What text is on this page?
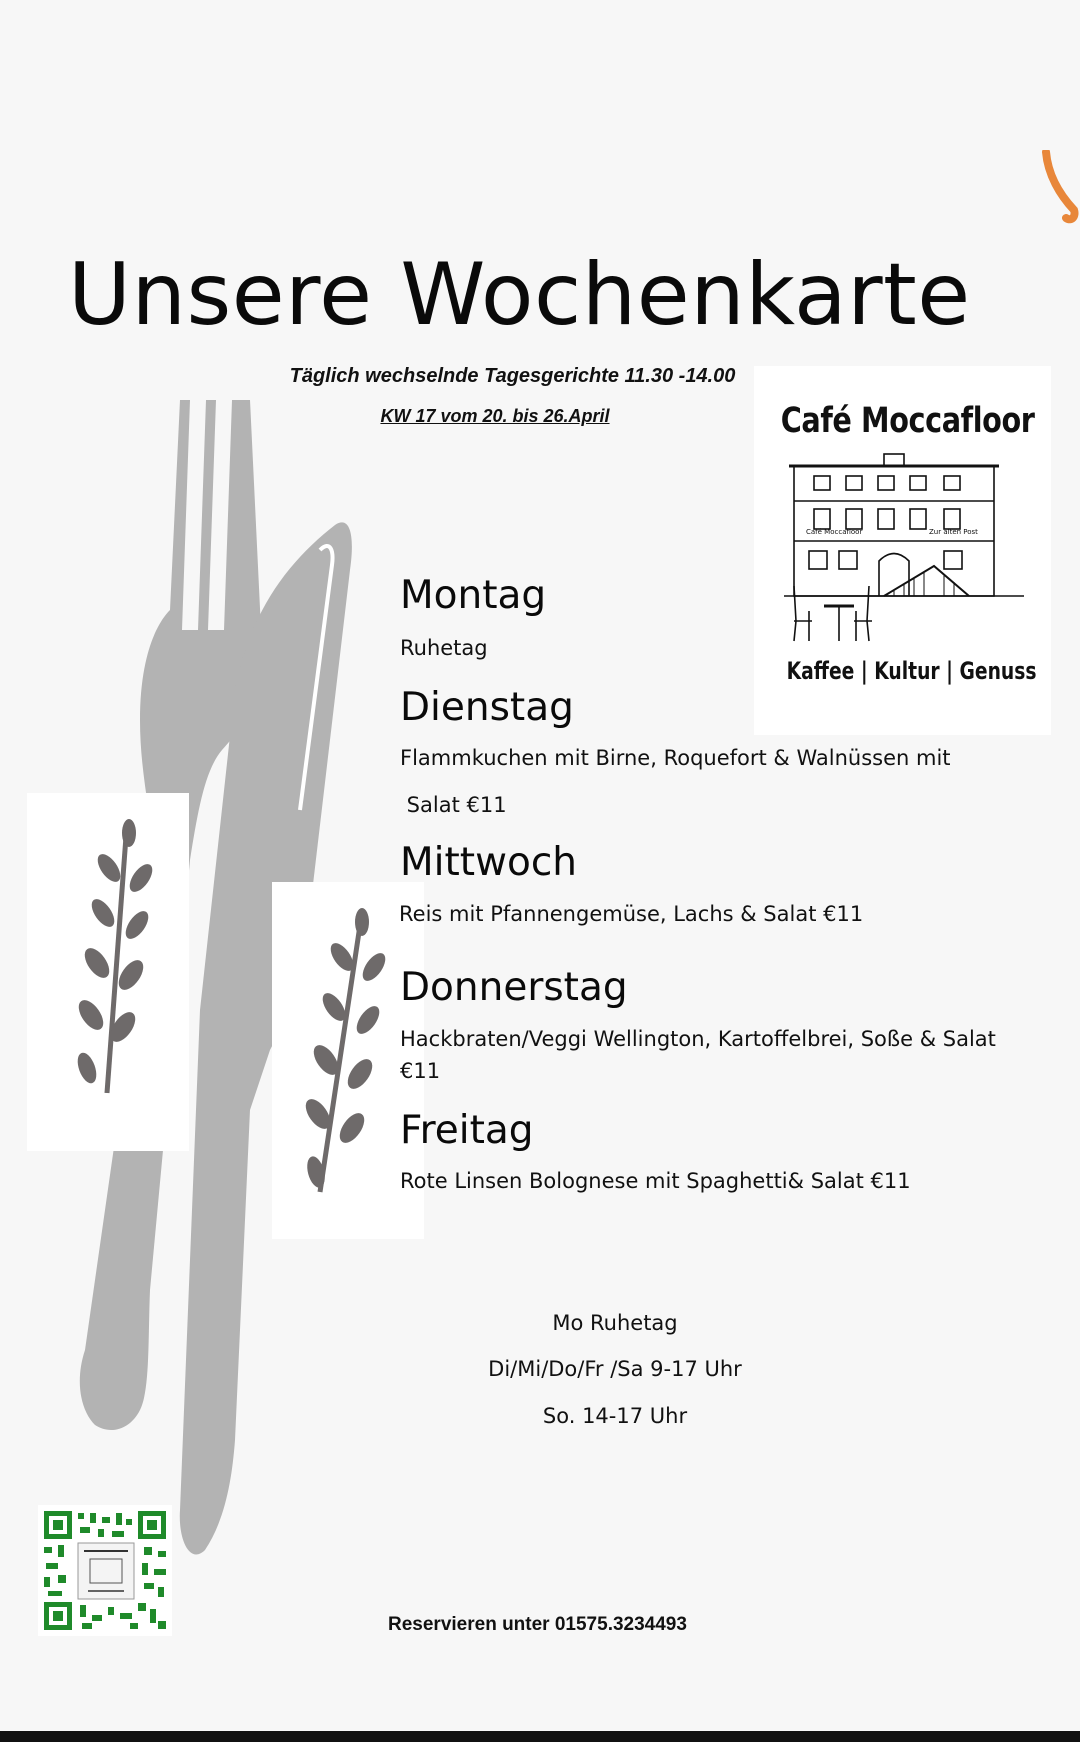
Unsere Wochenkarte
Täglich wechselnde Tagesgerichte 11.30 -14.00
KW 17 vom 20. bis 26.April	Café Moccafloor
Café Moccafloor	Zur alten Post
Kaffee | Kultur | Genuss
Montag
Ruhetag
Dienstag
Flammkuchen mit Birne, Roquefort & Walnüssen mit
Salat €11
Mittwoch
Reis mit Pfannengemüse, Lachs & Salat €11
Donnerstag
Hackbraten/Veggi Wellington, Kartoffelbrei, Soße & Salat
€11
Freitag
Rote Linsen Bolognese mit Spaghetti& Salat €11
Mo Ruhetag
Di/Mi/Do/Fr /Sa 9-17 Uhr
So. 14-17 Uhr
Reservieren unter 01575.3234493
